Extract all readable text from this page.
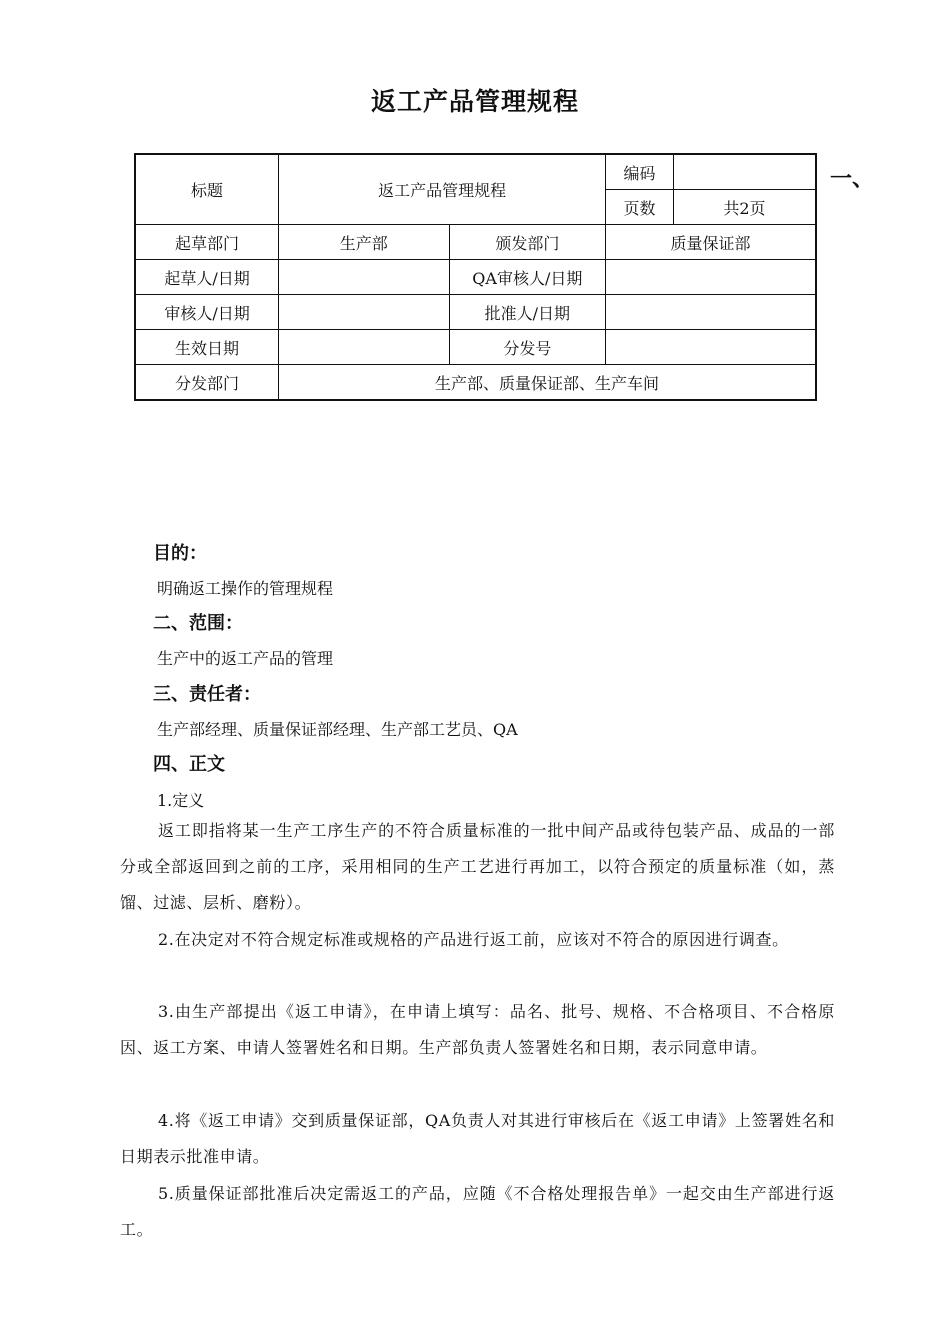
返工产品管理规程
标题	返工产品管理规程		编码	
			页数	共2页
起草部门	生产部	颁发部门	质量保证部	
起草人/日期		QA审核人/日期		
审核人/日期		批准人/日期		
生效日期		分发号		
分发部门	生产部、质量保证部、生产车间			
一、
目的：
明确返工操作的管理规程
二、范围：
生产中的返工产品的管理
三、责任者：
生产部经理、质量保证部经理、生产部工艺员、QA
四、正文
1.定义
返工即指将某一生产工序生产的不符合质量标准的一批中间产品或待包装产品、成品的一部分或全部返回到之前的工序，采用相同的生产工艺进行再加工，以符合预定的质量标准（如，蒸馏、过滤、层析、磨粉）。
2.在决定对不符合规定标准或规格的产品进行返工前，应该对不符合的原因进行调查。
3.由生产部提出《返工申请》，在申请上填写：品名、批号、规格、不合格项目、不合格原因、返工方案、申请人签署姓名和日期。生产部负责人签署姓名和日期，表示同意申请。
4.将《返工申请》交到质量保证部，QA负责人对其进行审核后在《返工申请》上签署姓名和日期表示批准申请。
5.质量保证部批准后决定需返工的产品，应随《不合格处理报告单》一起交由生产部进行返工。
